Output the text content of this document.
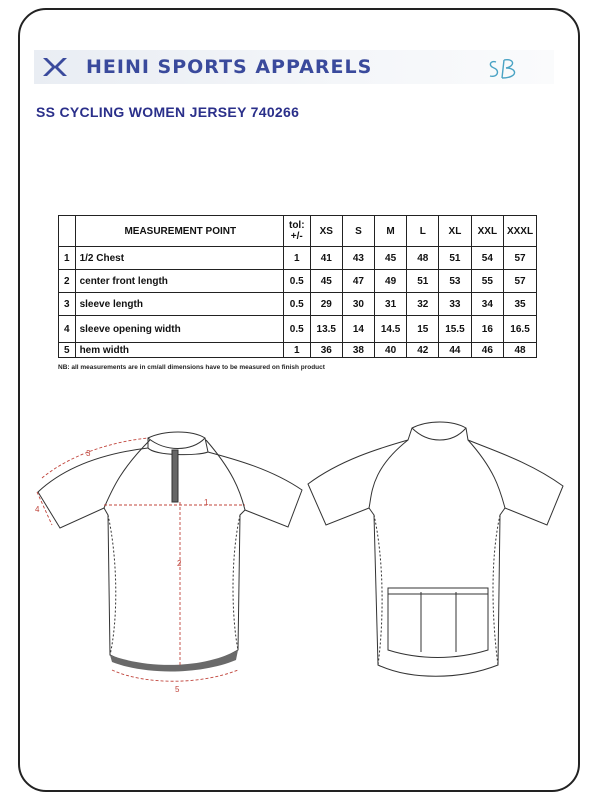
HEINI SPORTS APPARELS
SS CYCLING WOMEN JERSEY 740266
	MEASUREMENT POINT	tol: +/-	XS	S	M	L	XL	XXL	XXXL
1	1/2 Chest	1	41	43	45	48	51	54	57
2	center front length	0.5	45	47	49	51	53	55	57
3	sleeve length	0.5	29	30	31	32	33	34	35
4	sleeve opening width	0.5	13.5	14	14.5	15	15.5	16	16.5
5	hem width	1	36	38	40	42	44	46	48
NB: all measurements are in cm/all dimensions have to be measured on finish product
1
2
3
4
5
